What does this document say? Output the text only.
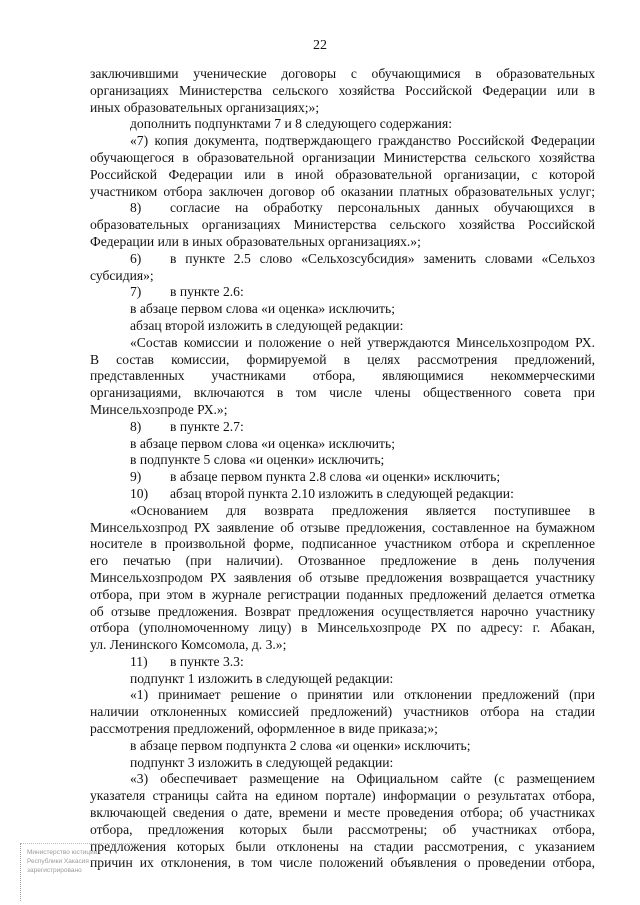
22
заключившими ученические договоры с обучающимися в образовательных
организациях Министерства сельского хозяйства Российской Федерации или в
иных образовательных организациях;»;
дополнить подпунктами 7 и 8 следующего содержания:
«7) копия документа, подтверждающего гражданство Российской Федерации
обучающегося в образовательной организации Министерства сельского хозяйства
Российской Федерации или в иной образовательной организации, с которой
участником отбора заключен договор об оказании платных образовательных услуг;
8)	согласие на обработку персональных данных обучающихся в
образовательных организациях Министерства сельского хозяйства Российской
Федерации или в иных образовательных организациях.»;
6)	в пункте 2.5 слово «Сельхозсубсидия» заменить словами «Сельхоз
субсидия»;
7) в пункте 2.6:
в абзаце первом слова «и оценка» исключить;
абзац второй изложить в следующей редакции:
«Состав комиссии и положение о ней утверждаются Минсельхозпродом РХ.
В состав комиссии, формируемой в целях рассмотрения предложений,
представленных участниками отбора, являющимися некоммерческими
организациями, включаются в том числе члены общественного совета при
Минсельхозпроде РХ.»;
8) в пункте 2.7:
в абзаце первом слова «и оценка» исключить;
в подпункте 5 слова «и оценки» исключить;
9) в абзаце первом пункта 2.8 слова «и оценки» исключить;
10) абзац второй пункта 2.10 изложить в следующей редакции:
«Основанием для возврата предложения является поступившее в
Минсельхозпрод РХ заявление об отзыве предложения, составленное на бумажном
носителе в произвольной форме, подписанное участником отбора и скрепленное
его печатью (при наличии). Отозванное предложение в день получения
Минсельхозпродом РХ заявления об отзыве предложения возвращается участнику
отбора, при этом в журнале регистрации поданных предложений делается отметка
об отзыве предложения. Возврат предложения осуществляется нарочно участнику
отбора (уполномоченному лицу) в Минсельхозпроде РХ по адресу: г. Абакан,
ул. Ленинского Комсомола, д. 3.»;
11) в пункте 3.3:
подпункт 1 изложить в следующей редакции:
«1) принимает решение о принятии или отклонении предложений (при
наличии отклоненных комиссией предложений) участников отбора на стадии
рассмотрения предложений, оформленное в виде приказа;»;
в абзаце первом подпункта 2 слова «и оценки» исключить;
подпункт 3 изложить в следующей редакции:
«3) обеспечивает размещение на Официальном сайте (с размещением
указателя страницы сайта на едином портале) информации о результатах отбора,
включающей сведения о дате, времени и месте проведения отбора; об участниках
отбора, предложения которых были рассмотрены; об участниках отбора,
предложения которых были отклонены на стадии рассмотрения, с указанием
причин их отклонения, в том числе положений объявления о проведении отбора,
Министерство юстиции
Республики Хакасия
зарегистрировано
